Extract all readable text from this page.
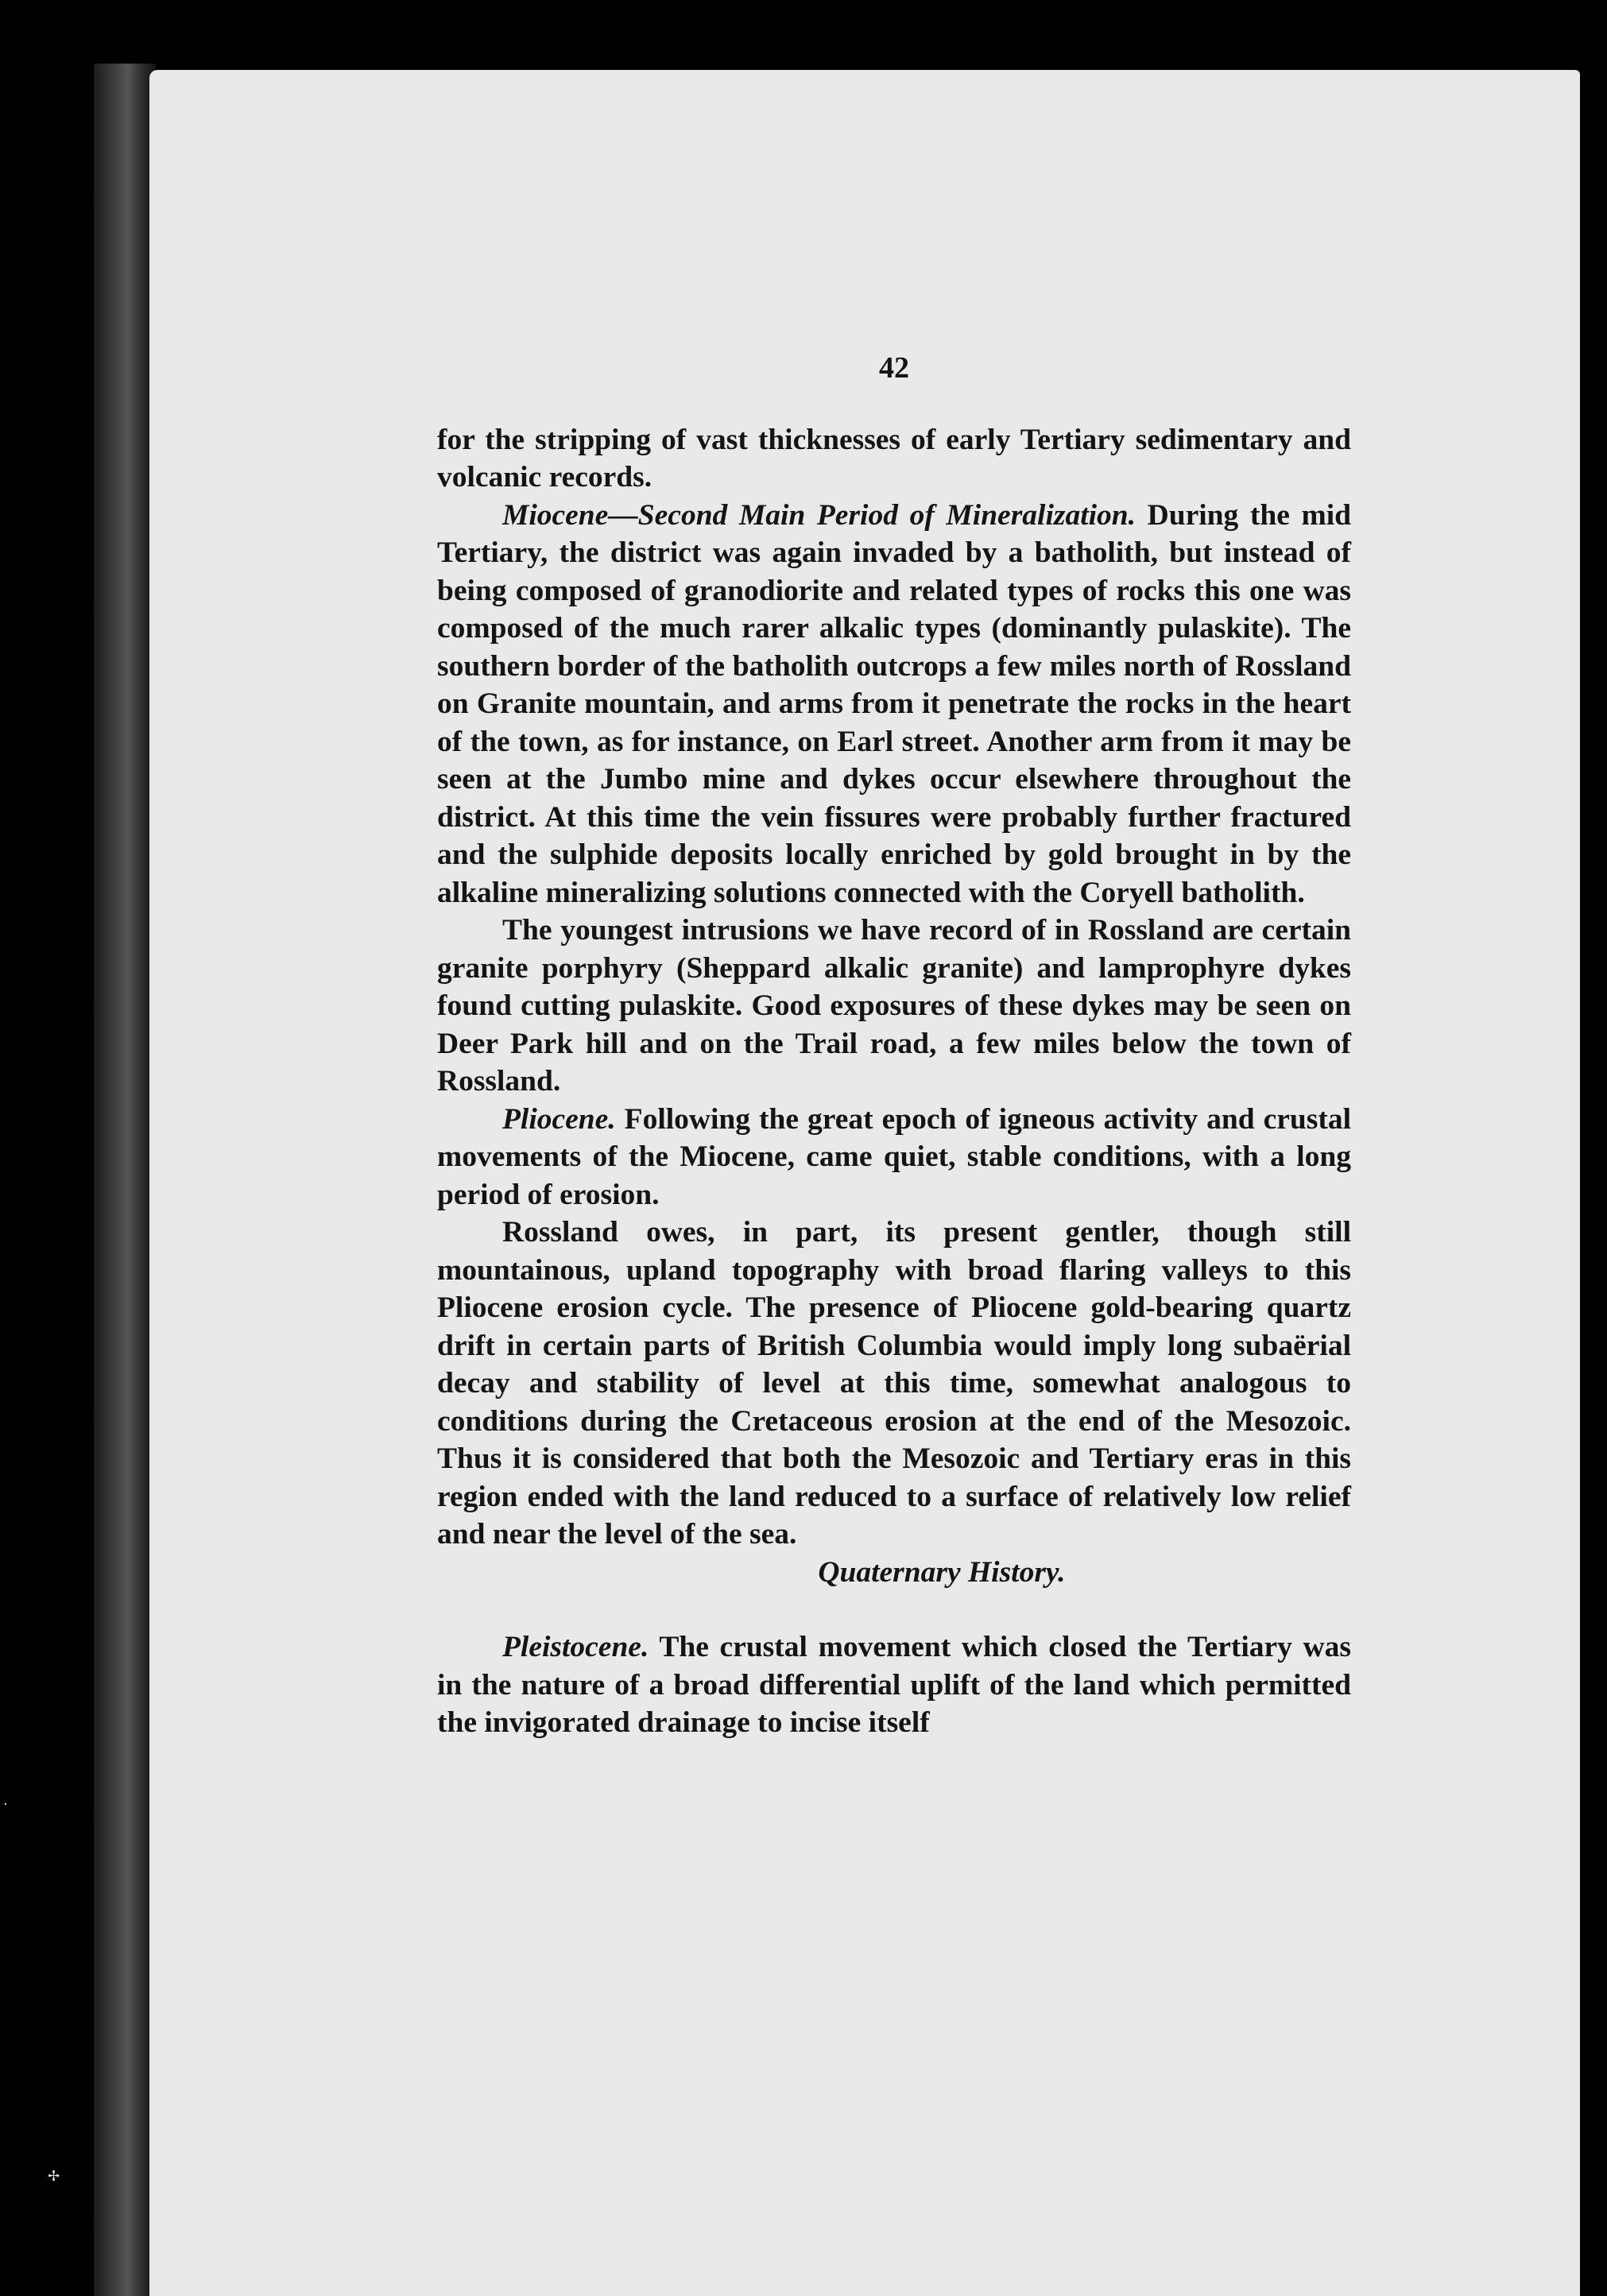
·
✢
42

for the stripping of vast thicknesses of early Tertiary sedimentary and volcanic records.

Miocene—Second Main Period of Mineralization. During the mid Tertiary, the district was again invaded by a batholith, but instead of being composed of granodiorite and related types of rocks this one was composed of the much rarer alkalic types (dominantly pulaskite). The southern border of the batholith outcrops a few miles north of Rossland on Granite mountain, and arms from it penetrate the rocks in the heart of the town, as for instance, on Earl street. Another arm from it may be seen at the Jumbo mine and dykes occur elsewhere throughout the district. At this time the vein fissures were probably further fractured and the sulphide deposits locally enriched by gold brought in by the alkaline mineralizing solutions connected with the Coryell batholith.

The youngest intrusions we have record of in Rossland are certain granite porphyry (Sheppard alkalic granite) and lamprophyre dykes found cutting pulaskite. Good exposures of these dykes may be seen on Deer Park hill and on the Trail road, a few miles below the town of Rossland.

Pliocene. Following the great epoch of igneous activity and crustal movements of the Miocene, came quiet, stable conditions, with a long period of erosion.

Rossland owes, in part, its present gentler, though still mountainous, upland topography with broad flaring valleys to this Pliocene erosion cycle. The presence of Pliocene gold-bearing quartz drift in certain parts of British Columbia would imply long subaërial decay and stability of level at this time, somewhat analogous to conditions during the Cretaceous erosion at the end of the Mesozoic. Thus it is considered that both the Mesozoic and Tertiary eras in this region ended with the land reduced to a surface of relatively low relief and near the level of the sea.

Quaternary History.

Pleistocene. The crustal movement which closed the Tertiary was in the nature of a broad differential uplift of the land which permitted the invigorated drainage to incise itself
